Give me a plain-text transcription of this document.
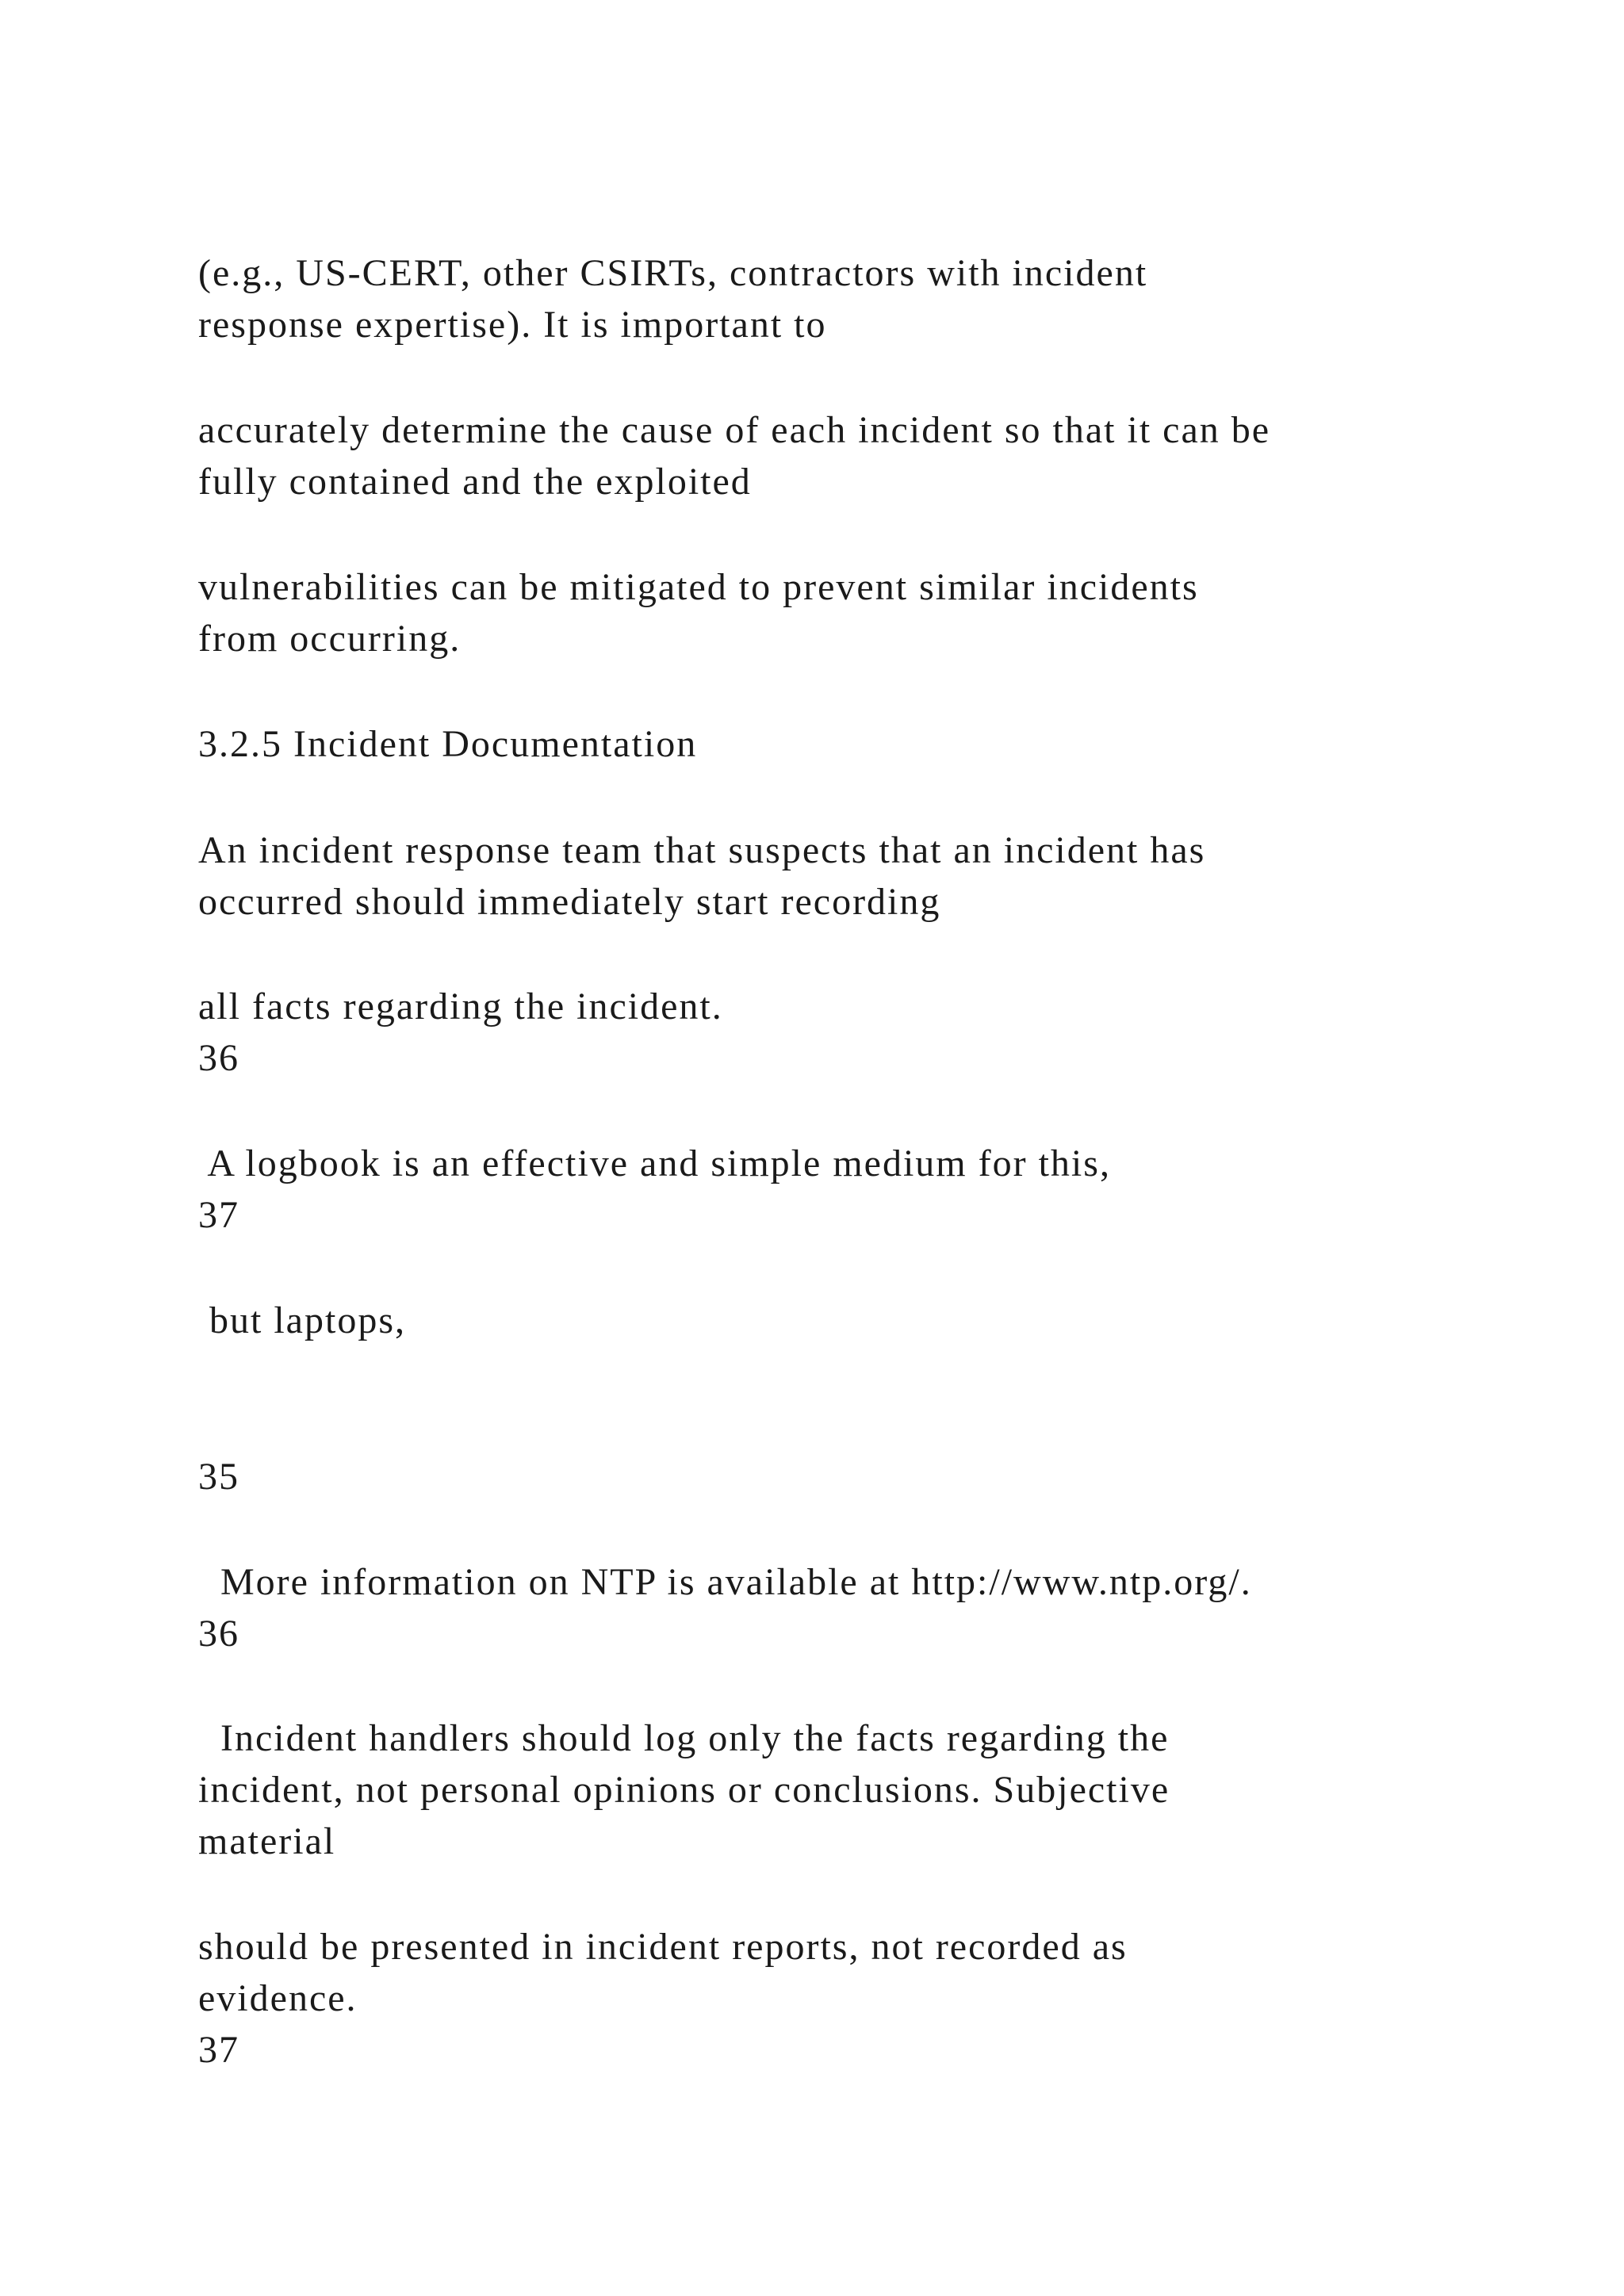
(e.g., US-CERT, other CSIRTs, contractors with incident
response expertise). It is important to
accurately determine the cause of each incident so that it can be
fully contained and the exploited
vulnerabilities can be mitigated to prevent similar incidents
from occurring.
3.2.5 Incident Documentation
An incident response team that suspects that an incident has
occurred should immediately start recording
all facts regarding the incident.
36
A logbook is an effective and simple medium for this,
37
but laptops,
35
More information on NTP is available at http://www.ntp.org/.
36
Incident handlers should log only the facts regarding the
incident, not personal opinions or conclusions. Subjective
material
should be presented in incident reports, not recorded as
evidence.
37
